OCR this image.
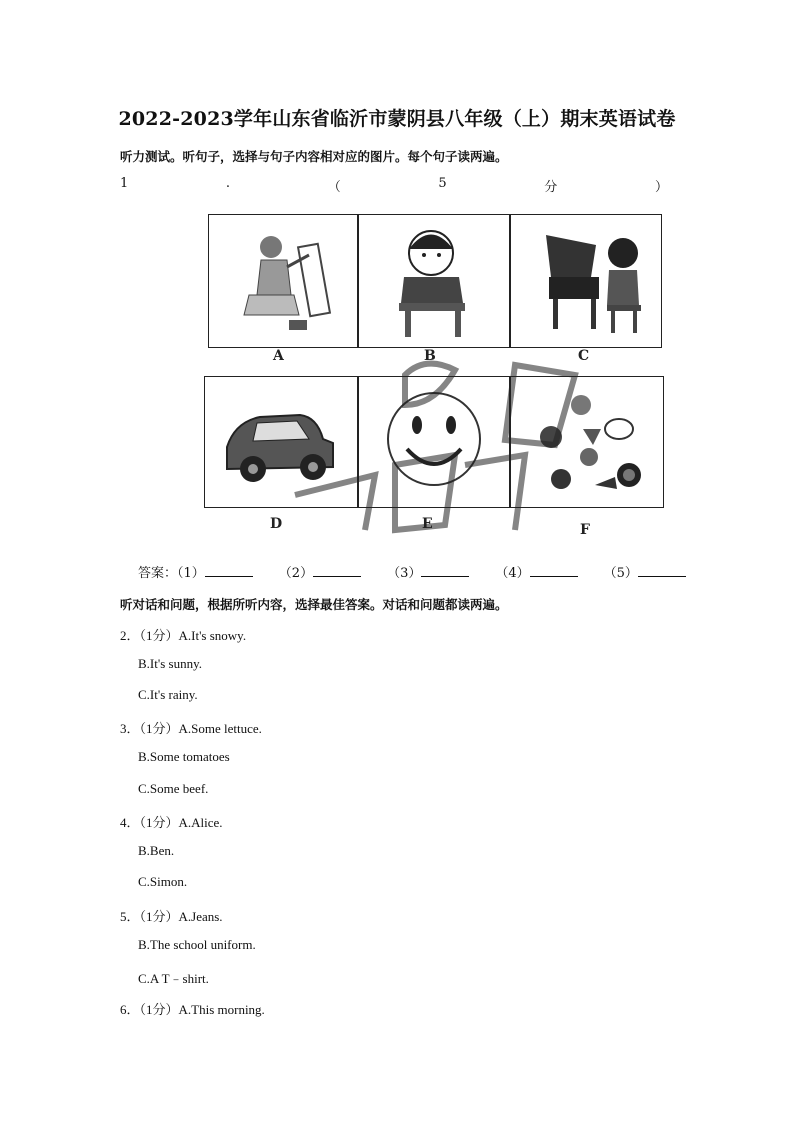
2022-2023学年山东省临沂市蒙阴县八年级（上）期末英语试卷
听力测试。听句子，选择与句子内容相对应的图片。每个句子读两遍。
1	.	（	5	分	）
A	B	C
D	E	F
答案：（1）	（2）	（3）	（4）	（5）
听对话和问题，根据所听内容，选择最佳答案。对话和问题都读两遍。
2．（1分）A.It's snowy.
B.It's sunny.
C.It's rainy.
3．（1分）A.Some lettuce.
B.Some tomatoes
C.Some beef.
4．（1分）A.Alice.
B.Ben.
C.Simon.
5．（1分）A.Jeans.
B.The school uniform.
C.A T﹣shirt.
6．（1分）A.This morning.
